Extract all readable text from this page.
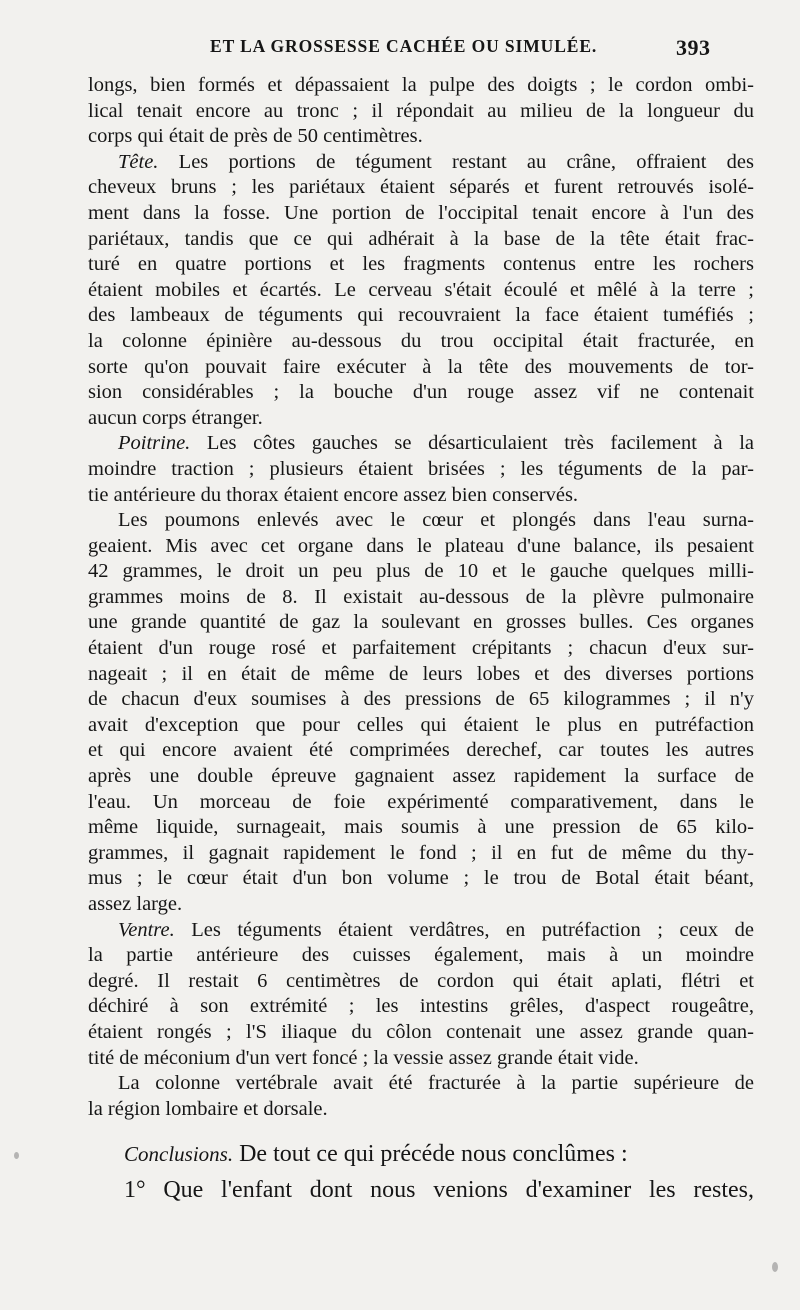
ET LA GROSSESSE CACHÉE OU SIMULÉE.	393
longs, bien formés et dépassaient la pulpe des doigts ; le cordon ombi-
lical tenait encore au tronc ; il répondait au milieu de la longueur du
corps qui était de près de 50 centimètres.
Tête. Les portions de tégument restant au crâne, offraient des
cheveux bruns ; les pariétaux étaient séparés et furent retrouvés isolé-
ment dans la fosse. Une portion de l'occipital tenait encore à l'un des
pariétaux, tandis que ce qui adhérait à la base de la tête était frac-
turé en quatre portions et les fragments contenus entre les rochers
étaient mobiles et écartés. Le cerveau s'était écoulé et mêlé à la terre ;
des lambeaux de téguments qui recouvraient la face étaient tuméfiés ;
la colonne épinière au-dessous du trou occipital était fracturée, en
sorte qu'on pouvait faire exécuter à la tête des mouvements de tor-
sion considérables ; la bouche d'un rouge assez vif ne contenait
aucun corps étranger.
Poitrine. Les côtes gauches se désarticulaient très facilement à la
moindre traction ; plusieurs étaient brisées ; les téguments de la par-
tie antérieure du thorax étaient encore assez bien conservés.
Les poumons enlevés avec le cœur et plongés dans l'eau surna-
geaient. Mis avec cet organe dans le plateau d'une balance, ils pesaient
42 grammes, le droit un peu plus de 10 et le gauche quelques milli-
grammes moins de 8. Il existait au-dessous de la plèvre pulmonaire
une grande quantité de gaz la soulevant en grosses bulles. Ces organes
étaient d'un rouge rosé et parfaitement crépitants ; chacun d'eux sur-
nageait ; il en était de même de leurs lobes et des diverses portions
de chacun d'eux soumises à des pressions de 65 kilogrammes ; il n'y
avait d'exception que pour celles qui étaient le plus en putréfaction
et qui encore avaient été comprimées derechef, car toutes les autres
après une double épreuve gagnaient assez rapidement la surface de
l'eau. Un morceau de foie expérimenté comparativement, dans le
même liquide, surnageait, mais soumis à une pression de 65 kilo-
grammes, il gagnait rapidement le fond ; il en fut de même du thy-
mus ; le cœur était d'un bon volume ; le trou de Botal était béant,
assez large.
Ventre. Les téguments étaient verdâtres, en putréfaction ; ceux de
la partie antérieure des cuisses également, mais à un moindre
degré. Il restait 6 centimètres de cordon qui était aplati, flétri et
déchiré à son extrémité ; les intestins grêles, d'aspect rougeâtre,
étaient rongés ; l'S iliaque du côlon contenait une assez grande quan-
tité de méconium d'un vert foncé ; la vessie assez grande était vide.
La colonne vertébrale avait été fracturée à la partie supérieure de
la région lombaire et dorsale.
Conclusions. De tout ce qui précéde nous conclûmes :
1° Que l'enfant dont nous venions d'examiner les restes,
